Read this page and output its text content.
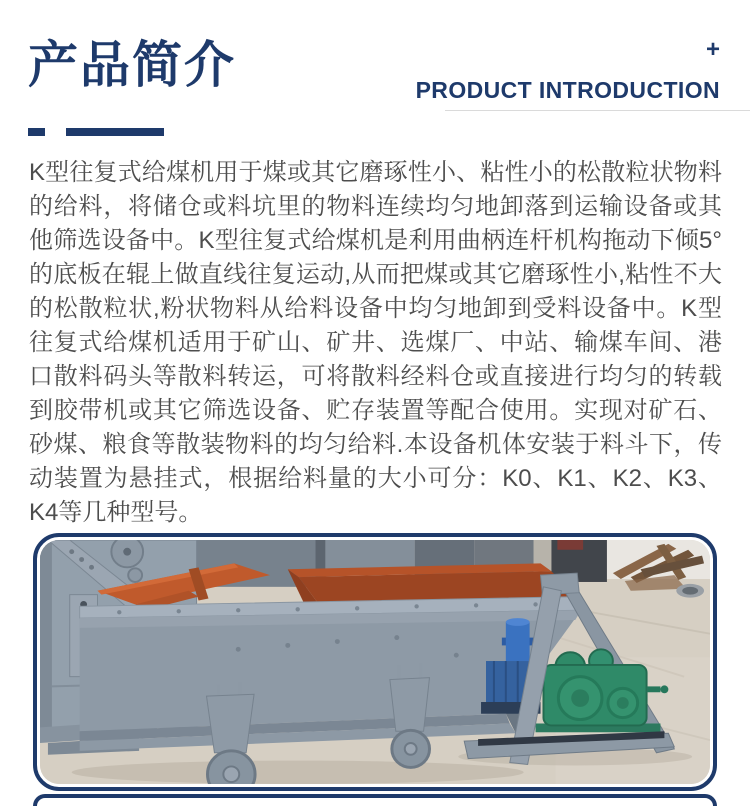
产品简介	+
PRODUCT INTRODUCTION
K型往复式给煤机用于煤或其它磨琢性小、粘性小的松散粒状物料的给料，将储仓或料坑里的物料连续均匀地卸落到运输设备或其他筛选设备中。K型往复式给煤机是利用曲柄连杆机构拖动下倾5°的底板在辊上做直线往复运动,从而把煤或其它磨琢性小,粘性不大的松散粒状,粉状物料从给料设备中均匀地卸到受料设备中。K型往复式给煤机适用于矿山、矿井、选煤厂、中站、输煤车间、港口散料码头等散料转运，可将散料经料仓或直接进行均匀的转载到胶带机或其它筛选设备、贮存装置等配合使用。实现对矿石、砂煤、粮食等散装物料的均匀给料.本设备机体安装于料斗下，传动装置为悬挂式，根据给料量的大小可分：K0、K1、K2、K3、K4等几种型号。
